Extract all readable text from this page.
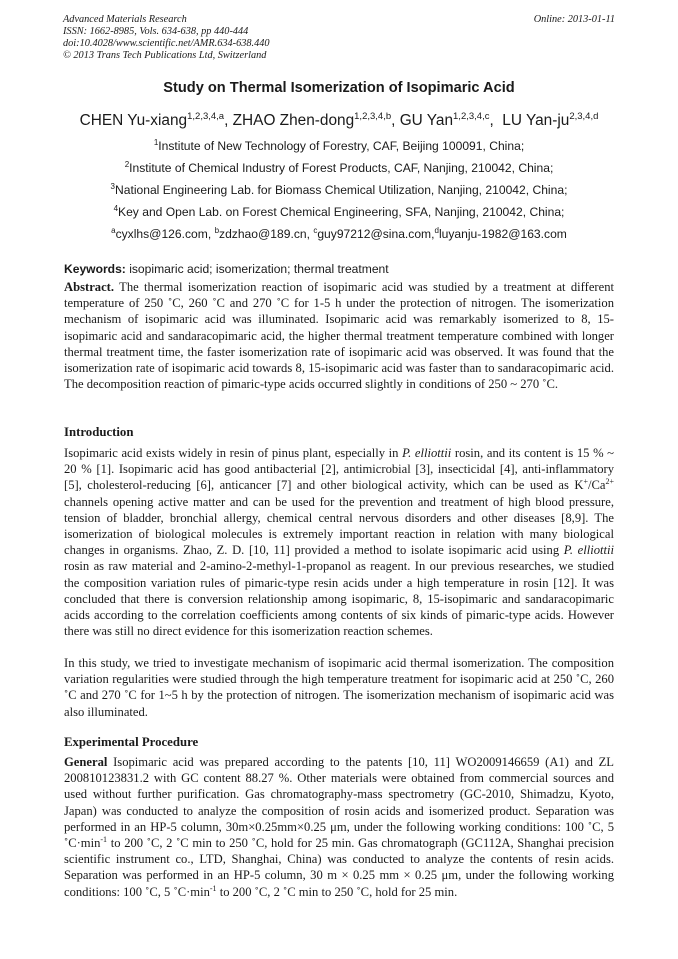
Advanced Materials Research
ISSN: 1662-8985, Vols. 634-638, pp 440-444
doi:10.4028/www.scientific.net/AMR.634-638.440
© 2013 Trans Tech Publications Ltd, Switzerland
Online: 2013-01-11
Study on Thermal Isomerization of Isopimaric Acid
CHEN Yu-xiang$^{1,2,3,4,a}$, ZHAO Zhen-dong$^{1,2,3,4,b}$, GU Yan$^{1,2,3,4,c}$,  LU Yan-ju$^{2,3,4,d}$
$^1$Institute of New Technology of Forestry, CAF, Beijing 100091, China;
$^2$Institute of Chemical Industry of Forest Products, CAF, Nanjing, 210042, China;
$^3$National Engineering Lab. for Biomass Chemical Utilization, Nanjing, 210042, China;
$^4$Key and Open Lab. on Forest Chemical Engineering, SFA, Nanjing, 210042, China;
$^a$cyxlhs@126.com, $^b$zdzhao@189.cn, $^c$guy97212@sina.com,$^d$luyanju-1982@163.com
Keywords: isopimaric acid; isomerization; thermal treatment
Abstract. The thermal isomerization reaction of isopimaric acid was studied by a treatment at different temperature of 250 ˚C, 260 ˚C and 270 ˚C for 1-5 h under the protection of nitrogen. The isomerization mechanism of isopimaric acid was illuminated. Isopimaric acid was remarkably isomerized to 8, 15-isopimaric acid and sandaracopimaric acid, the higher thermal treatment temperature combined with longer thermal treatment time, the faster isomerization rate of isopimaric acid was observed. It was found that the isomerization rate of isopimaric acid towards 8, 15-isopimaric acid was faster than to sandaracopimaric acid. The decomposition reaction of pimaric-type acids occurred slightly in conditions of 250 ~ 270 ˚C.
Introduction
Isopimaric acid exists widely in resin of pinus plant, especially in P. elliottii rosin, and its content is 15 % ~ 20 % [1]. Isopimaric acid has good antibacterial [2], antimicrobial [3], insecticidal [4], anti-inflammatory [5], cholesterol-reducing [6], anticancer [7] and other biological activity, which can be used as $K^+/Ca^{2+}$ channels opening active matter and can be used for the prevention and treatment of high blood pressure, tension of bladder, bronchial allergy, chemical central nervous disorders and other diseases [8,9]. The isomerization of biological molecules is extremely important reaction in relation with many biological changes in organisms. Zhao, Z. D. [10, 11] provided a method to isolate isopimaric acid using P. elliottii rosin as raw material and 2-amino-2-methyl-1-propanol as reagent. In our previous researches, we studied the composition variation rules of pimaric-type resin acids under a high temperature in rosin [12]. It was concluded that there is conversion relationship among isopimaric, 8, 15-isopimaric and sandaracopimaric acids according to the correlation coefficients among contents of six kinds of pimaric-type acids. However there was still no direct evidence for this isomerization reaction schemes.
In this study, we tried to investigate mechanism of isopimaric acid thermal isomerization. The composition variation regularities were studied through the high temperature treatment for isopimaric acid at 250 ˚C, 260 ˚C and 270 ˚C for 1~5 h by the protection of nitrogen. The isomerization mechanism of isopimaric acid was also illuminated.
Experimental Procedure
General Isopimaric acid was prepared according to the patents [10, 11] WO2009146659 (A1) and ZL 200810123831.2 with GC content 88.27 %. Other materials were obtained from commercial sources and used without further purification. Gas chromatography-mass spectrometry (GC-2010, Shimadzu, Kyoto, Japan) was conducted to analyze the composition of rosin acids and isomerized product. Separation was performed in an HP-5 column, 30m×0.25mm×0.25 μm, under the following working conditions: 100 ˚C, 5 $˚C\cdot\min^{-1}$ to 200 ˚C, 2 ˚C min to 250 ˚C, hold for 25 min. Gas chromatograph (GC112A, Shanghai precision scientific instrument co., LTD, Shanghai, China) was conducted to analyze the contents of resin acids. Separation was performed in an HP-5 column, 30 m × 0.25 mm × 0.25 μm, under the following working conditions: 100 ˚C, 5 $˚C\cdot\min^{-1}$ to 200 ˚C, 2 ˚C min to 250 ˚C, hold for 25 min.
